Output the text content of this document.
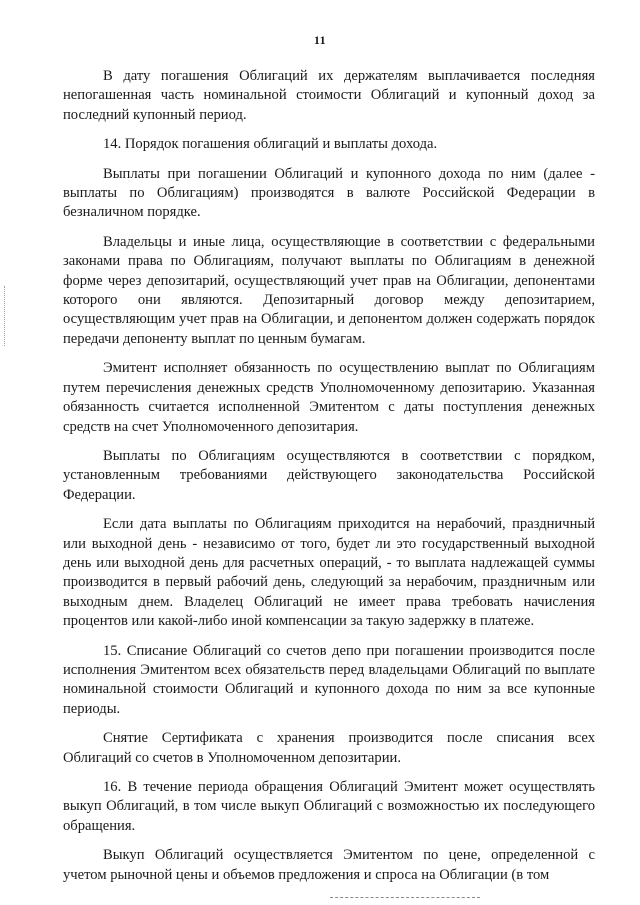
11

В дату погашения Облигаций их держателям выплачивается последняя непогашенная часть номинальной стоимости Облигаций и купонный доход за последний купонный период.

14. Порядок погашения облигаций и выплаты дохода.

Выплаты при погашении Облигаций и купонного дохода по ним (далее - выплаты по Облигациям) производятся в валюте Российской Федерации в безналичном порядке.

Владельцы и иные лица, осуществляющие в соответствии с федеральными законами права по Облигациям, получают выплаты по Облигациям в денежной форме через депозитарий, осуществляющий учет прав на Облигации, депонентами которого они являются. Депозитарный договор между депозитарием, осуществляющим учет прав на Облигации, и депонентом должен содержать порядок передачи депоненту выплат по ценным бумагам.

Эмитент исполняет обязанность по осуществлению выплат по Облигациям путем перечисления денежных средств Уполномоченному депозитарию. Указанная обязанность считается исполненной Эмитентом с даты поступления денежных средств на счет Уполномоченного депозитария.

Выплаты по Облигациям осуществляются в соответствии с порядком, установленным требованиями действующего законодательства Российской Федерации.

Если дата выплаты по Облигациям приходится на нерабочий, праздничный или выходной день - независимо от того, будет ли это государственный выходной день или выходной день для расчетных операций, - то выплата надлежащей суммы производится в первый рабочий день, следующий за нерабочим, праздничным или выходным днем. Владелец Облигаций не имеет права требовать начисления процентов или какой-либо иной компенсации за такую задержку в платеже.

15. Списание Облигаций со счетов депо при погашении производится после исполнения Эмитентом всех обязательств перед владельцами Облигаций по выплате номинальной стоимости Облигаций и купонного дохода по ним за все купонные периоды.

Снятие Сертификата с хранения производится после списания всех Облигаций со счетов в Уполномоченном депозитарии.

16. В течение периода обращения Облигаций Эмитент может осуществлять выкуп Облигаций, в том числе выкуп Облигаций с возможностью их последующего обращения.

Выкуп Облигаций осуществляется Эмитентом по цене, определенной с учетом рыночной цены и объемов предложения и спроса на Облигации (в том
